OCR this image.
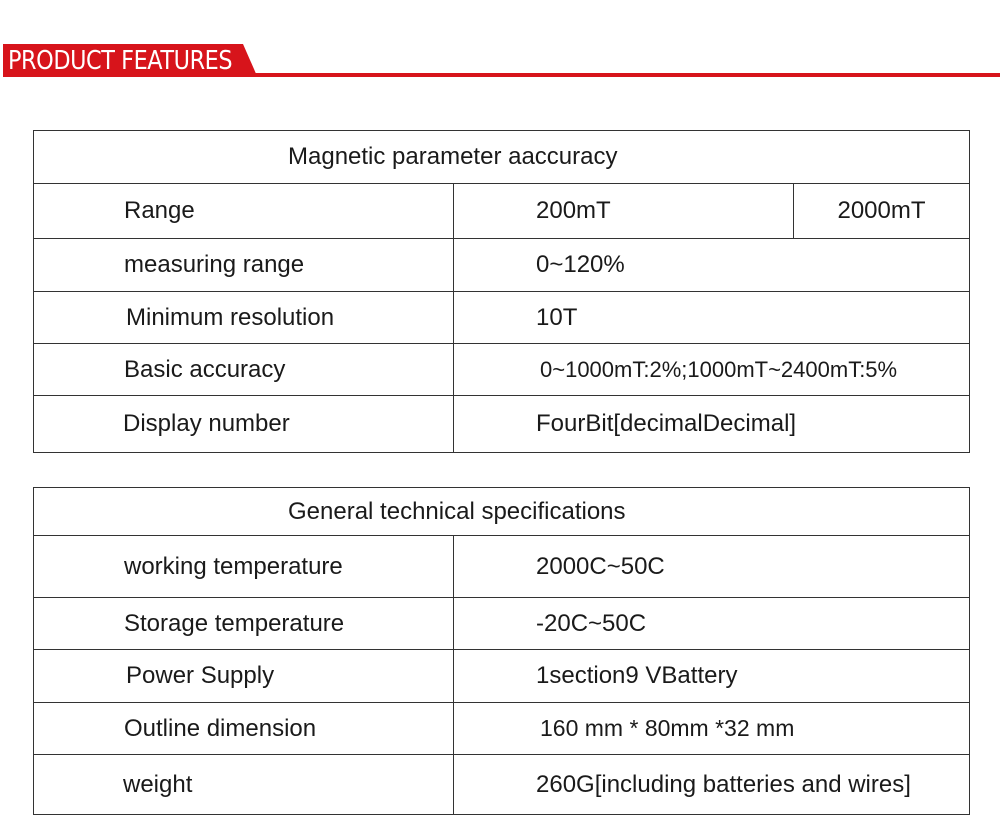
PRODUCT FEATURES
Magnetic parameter aaccuracy		
Range	200mT	2000mT
measuring range	0~120%	
Minimum resolution	10T	
Basic accuracy	0~1000mT:2%;1000mT~2400mT:5%	
Display number	FourBit[decimalDecimal]	
General technical specifications	
working temperature	2000C~50C
Storage temperature	-20C~50C
Power Supply	1section9 VBattery
Outline dimension	160 mm * 80mm *32 mm
weight	260G[including batteries and wires]
